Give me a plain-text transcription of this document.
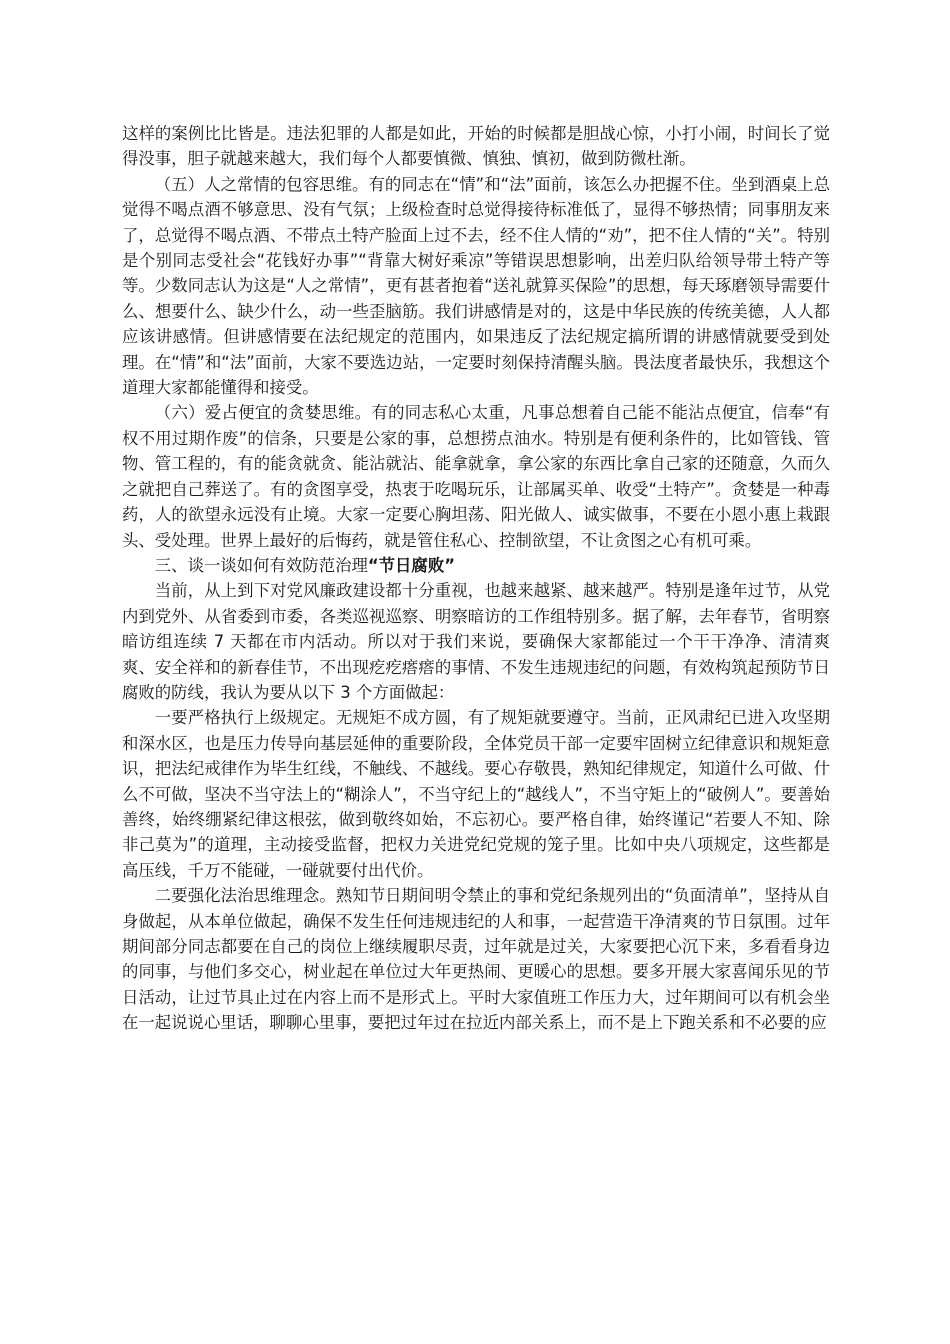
这样的案例比比皆是。违法犯罪的人都是如此，开始的时候都是胆战心惊，小打小闹，时间长了觉得没事，胆子就越来越大，我们每个人都要慎微、慎独、慎初，做到防微杜渐。

（五）人之常情的包容思维。有的同志在“情”和“法”面前，该怎么办把握不住。坐到酒桌上总觉得不喝点酒不够意思、没有气氛；上级检查时总觉得接待标准低了，显得不够热情；同事朋友来了，总觉得不喝点酒、不带点土特产脸面上过不去，经不住人情的“劝”，把不住人情的“关”。特别是个别同志受社会“花钱好办事”“背靠大树好乘凉”等错误思想影响，出差归队给领导带土特产等等。少数同志认为这是“人之常情”，更有甚者抱着“送礼就算买保险”的思想，每天琢磨领导需要什么、想要什么、缺少什么，动一些歪脑筋。我们讲感情是对的，这是中华民族的传统美德，人人都应该讲感情。但讲感情要在法纪规定的范围内，如果违反了法纪规定搞所谓的讲感情就要受到处理。在“情”和“法”面前，大家不要选边站，一定要时刻保持清醒头脑。畏法度者最快乐，我想这个道理大家都能懂得和接受。

（六）爱占便宜的贪婪思维。有的同志私心太重，凡事总想着自己能不能沾点便宜，信奉“有权不用过期作废”的信条，只要是公家的事，总想捞点油水。特别是有便利条件的，比如管钱、管物、管工程的，有的能贪就贪、能沾就沾、能拿就拿，拿公家的东西比拿自己家的还随意，久而久之就把自己葬送了。有的贪图享受，热衷于吃喝玩乐，让部属买单、收受“土特产”。贪婪是一种毒药，人的欲望永远没有止境。大家一定要心胸坦荡、阳光做人、诚实做事，不要在小恩小惠上栽跟头、受处理。世界上最好的后悔药，就是管住私心、控制欲望，不让贪图之心有机可乘。

三、谈一谈如何有效防范治理“节日腐败”

当前，从上到下对党风廉政建设都十分重视，也越来越紧、越来越严。特别是逢年过节，从党内到党外、从省委到市委，各类巡视巡察、明察暗访的工作组特别多。据了解，去年春节，省明察暗访组连续 7 天都在市内活动。所以对于我们来说，要确保大家都能过一个干干净净、清清爽爽、安全祥和的新春佳节，不出现疙疙瘩瘩的事情、不发生违规违纪的问题，有效构筑起预防节日腐败的防线，我认为要从以下 3 个方面做起：

一要严格执行上级规定。无规矩不成方圆，有了规矩就要遵守。当前，正风肃纪已进入攻坚期和深水区，也是压力传导向基层延伸的重要阶段，全体党员干部一定要牢固树立纪律意识和规矩意识，把法纪戒律作为毕生红线，不触线、不越线。要心存敬畏，熟知纪律规定，知道什么可做、什么不可做，坚决不当守法上的“糊涂人”，不当守纪上的“越线人”，不当守矩上的“破例人”。要善始善终，始终绷紧纪律这根弦，做到敬终如始，不忘初心。要严格自律，始终谨记“若要人不知、除非己莫为”的道理，主动接受监督，把权力关进党纪党规的笼子里。比如中央八项规定，这些都是高压线，千万不能碰，一碰就要付出代价。

二要强化法治思维理念。熟知节日期间明令禁止的事和党纪条规列出的“负面清单”，坚持从自身做起，从本单位做起，确保不发生任何违规违纪的人和事，一起营造干净清爽的节日氛围。过年期间部分同志都要在自己的岗位上继续履职尽责，过年就是过关，大家要把心沉下来，多看看身边的同事，与他们多交心，树业起在单位过大年更热闹、更暖心的思想。要多开展大家喜闻乐见的节日活动，让过节具止过在内容上而不是形式上。平时大家值班工作压力大，过年期间可以有机会坐在一起说说心里话，聊聊心里事，要把过年过在拉近内部关系上，而不是上下跑关系和不必要的应
